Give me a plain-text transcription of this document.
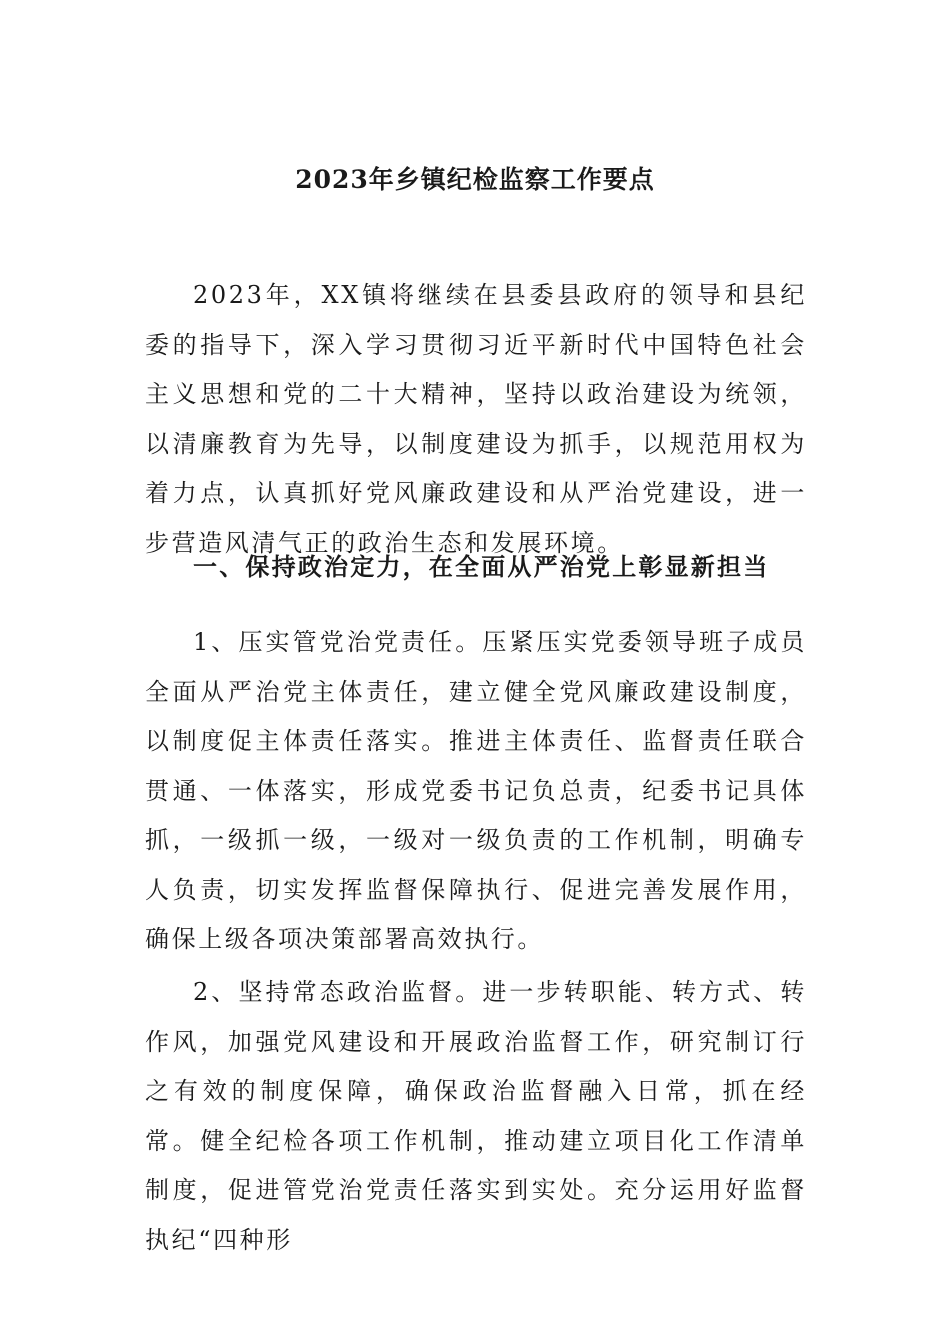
2023年乡镇纪检监察工作要点

2023年，XX镇将继续在县委县政府的领导和县纪委的指导下，深入学习贯彻习近平新时代中国特色社会主义思想和党的二十大精神，坚持以政治建设为统领，以清廉教育为先导，以制度建设为抓手，以规范用权为着力点，认真抓好党风廉政建设和从严治党建设，进一步营造风清气正的政治生态和发展环境。

一、保持政治定力，在全面从严治党上彰显新担当

1、压实管党治党责任。压紧压实党委领导班子成员全面从严治党主体责任，建立健全党风廉政建设制度，以制度促主体责任落实。推进主体责任、监督责任联合贯通、一体落实，形成党委书记负总责，纪委书记具体抓，一级抓一级，一级对一级负责的工作机制，明确专人负责，切实发挥监督保障执行、促进完善发展作用，确保上级各项决策部署高效执行。

2、坚持常态政治监督。进一步转职能、转方式、转作风，加强党风建设和开展政治监督工作，研究制订行之有效的制度保障，确保政治监督融入日常，抓在经常。健全纪检各项工作机制，推动建立项目化工作清单制度，促进管党治党责任落实到实处。充分运用好监督执纪“四种形
